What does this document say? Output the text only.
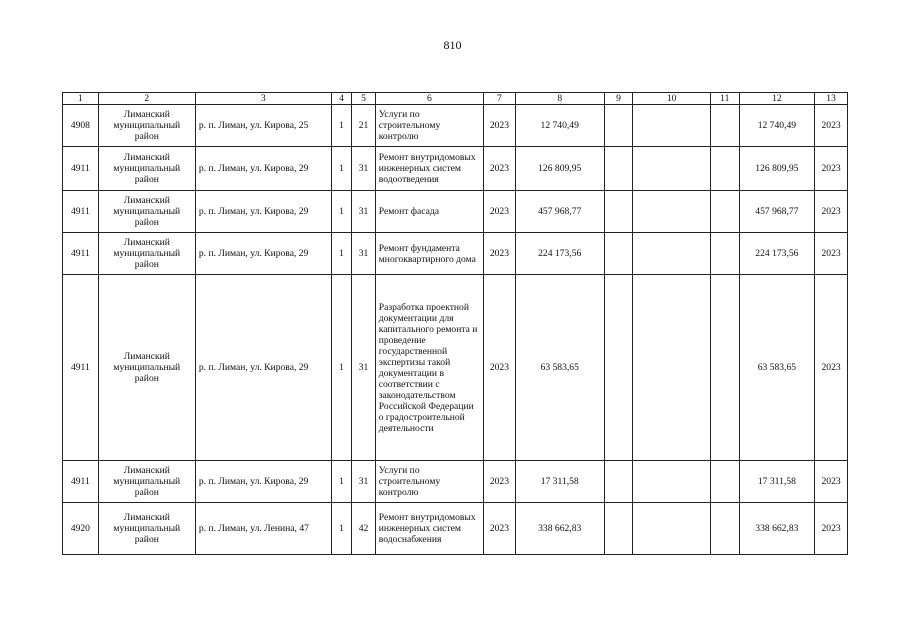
810
1	2	3	4	5	6	7	8	9	10	11	12	13
4908	Лиманский муниципальный район	р. п. Лиман, ул. Кирова, 25	1	21	Услуги по строительному контролю	2023	12 740,49				12 740,49	2023
4911	Лиманский муниципальный район	р. п. Лиман, ул. Кирова, 29	1	31	Ремонт внутридомовых инженерных систем водоотведения	2023	126 809,95				126 809,95	2023
4911	Лиманский муниципальный район	р. п. Лиман, ул. Кирова, 29	1	31	Ремонт фасада	2023	457 968,77				457 968,77	2023
4911	Лиманский муниципальный район	р. п. Лиман, ул. Кирова, 29	1	31	Ремонт фундамента многоквартирного дома	2023	224 173,56				224 173,56	2023
4911	Лиманский муниципальный район	р. п. Лиман, ул. Кирова, 29	1	31	Разработка проектной документации для капитального ремонта и проведение государственной экспертизы такой документации в соответствии с законодательством Российской Федерации о градостроительной деятельности	2023	63 583,65				63 583,65	2023
4911	Лиманский муниципальный район	р. п. Лиман, ул. Кирова, 29	1	31	Услуги по строительному контролю	2023	17 311,58				17 311,58	2023
4920	Лиманский муниципальный район	р. п. Лиман, ул. Ленина, 47	1	42	Ремонт внутридомовых инженерных систем водоснабжения	2023	338 662,83				338 662,83	2023
